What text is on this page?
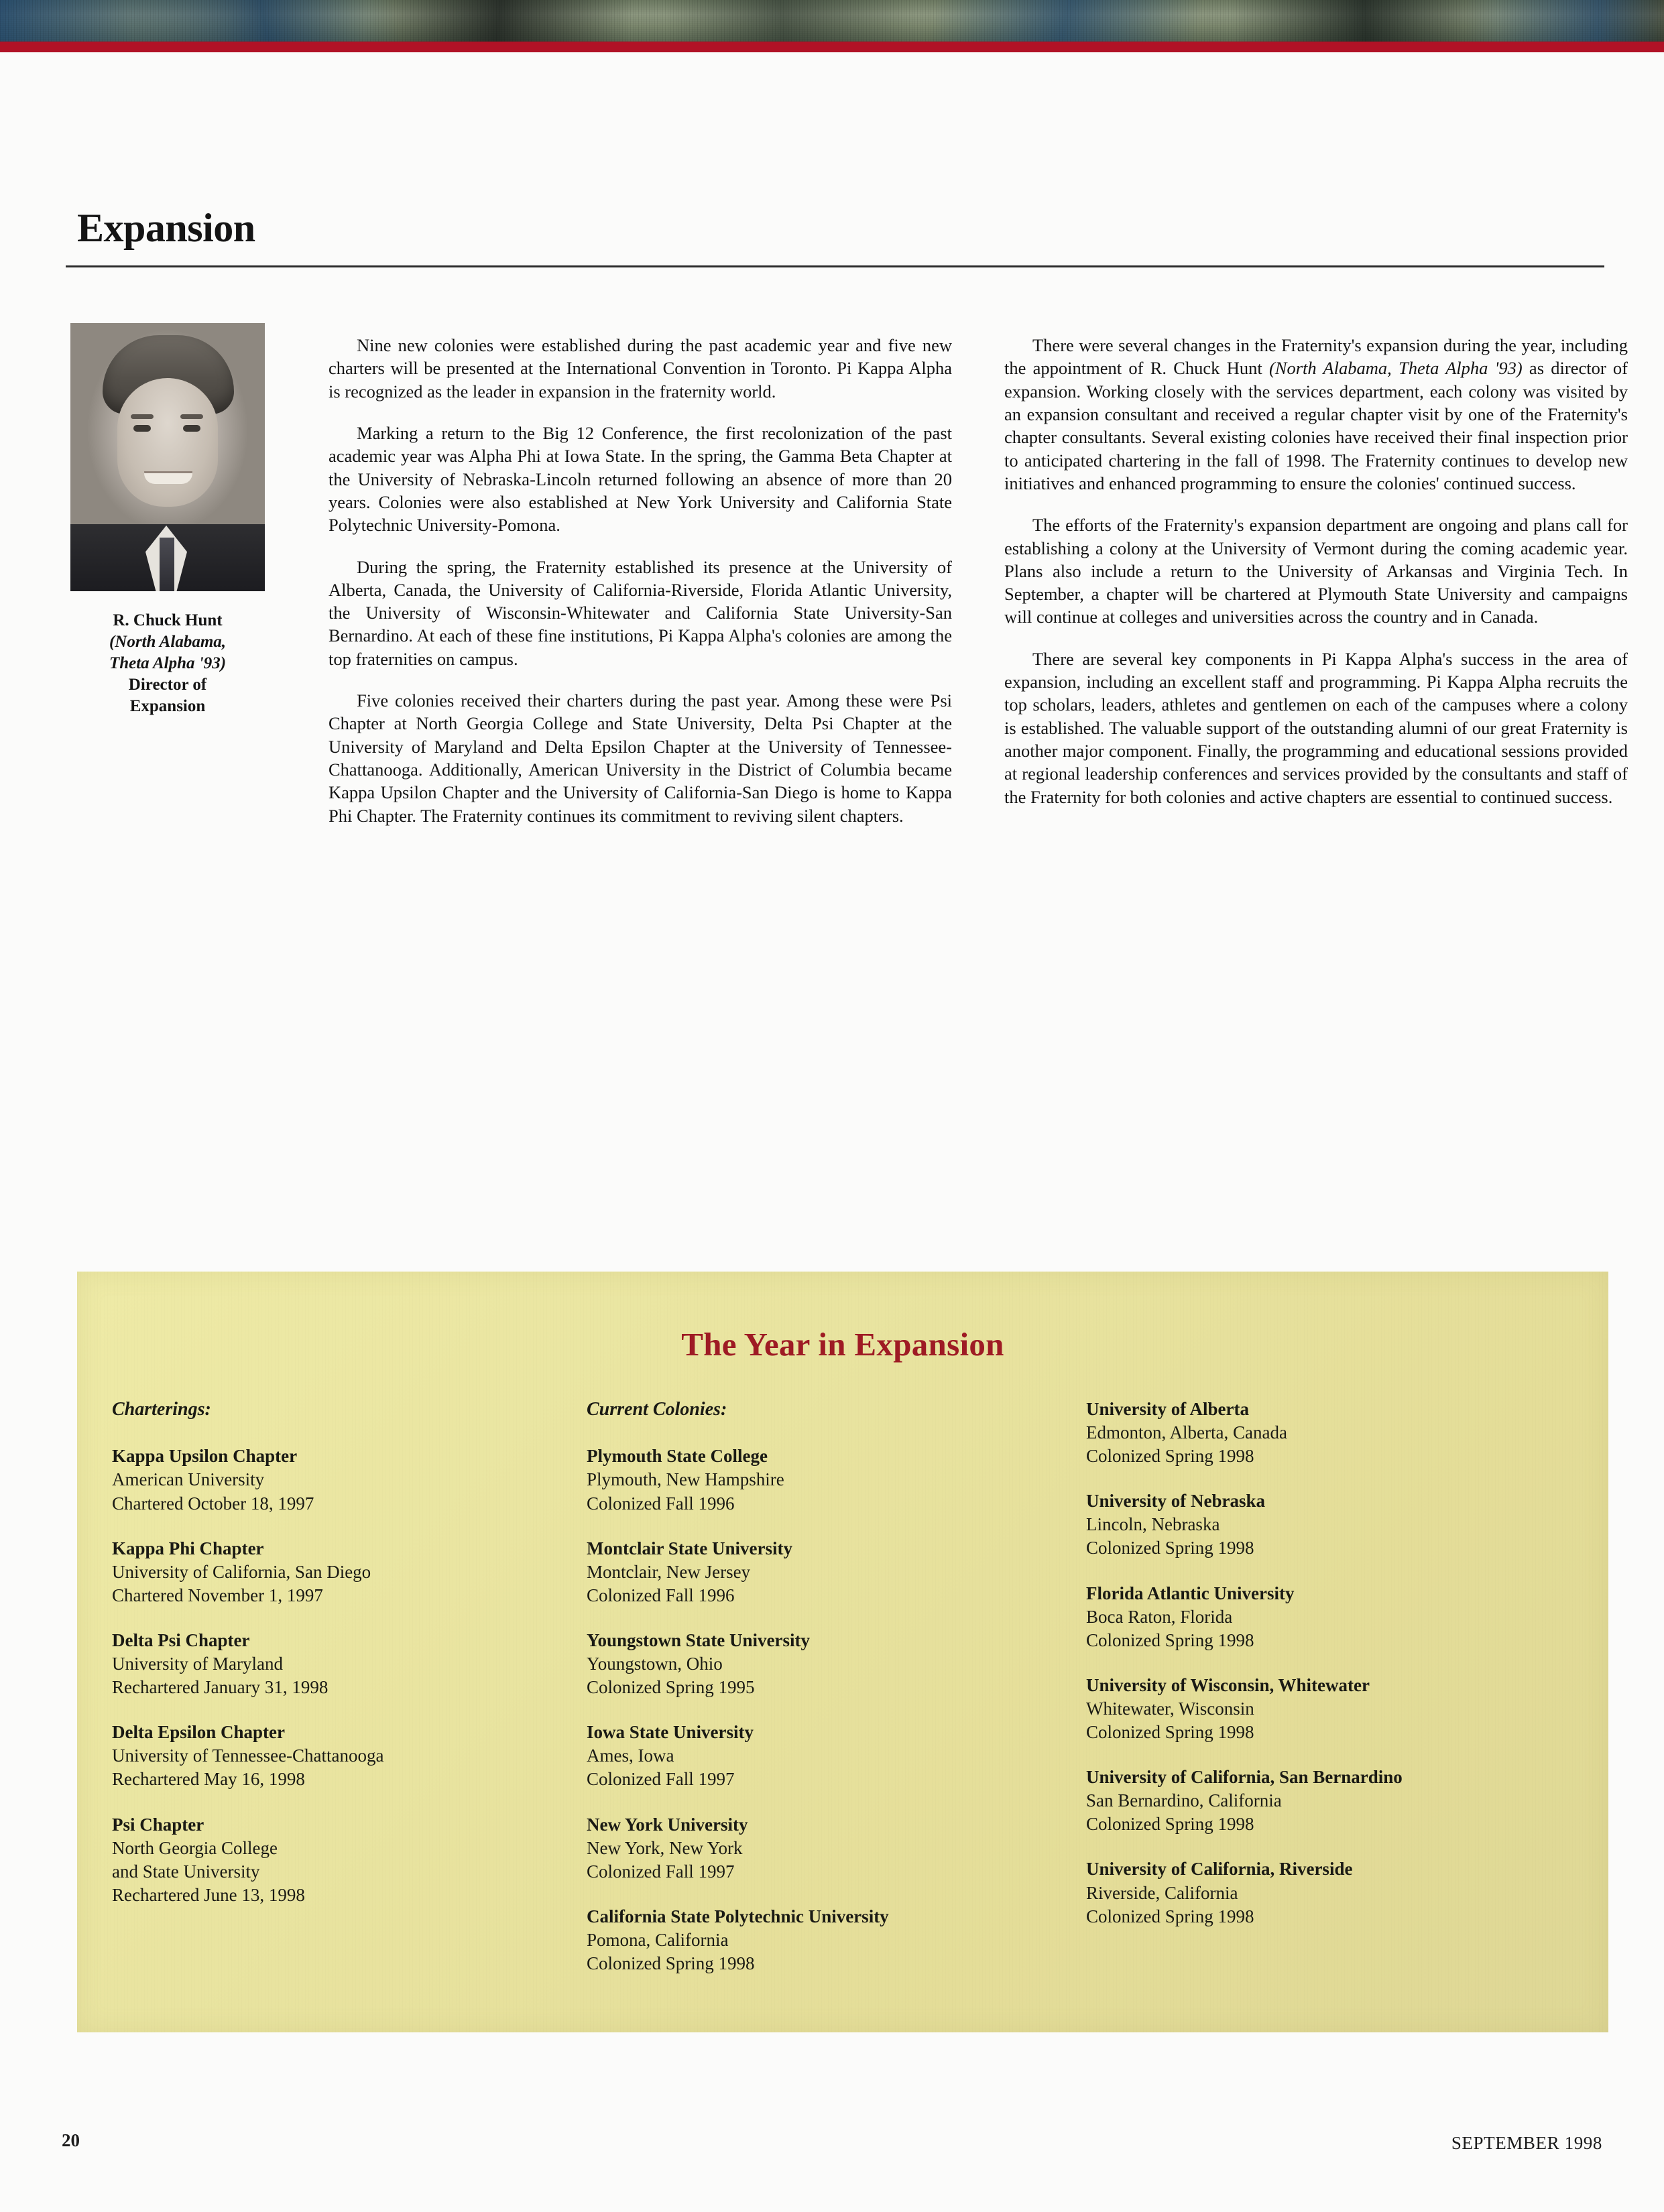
Expansion
R. Chuck Hunt
(North Alabama,
Theta Alpha '93)
Director of
Expansion

Nine new colonies were established during the past academic year and five new charters will be presented at the International Convention in Toronto. Pi Kappa Alpha is recognized as the leader in expansion in the fraternity world.

Marking a return to the Big 12 Conference, the first recolonization of the past academic year was Alpha Phi at Iowa State. In the spring, the Gamma Beta Chapter at the University of Nebraska-Lincoln returned following an absence of more than 20 years. Colonies were also established at New York University and California State Polytechnic University-Pomona.

During the spring, the Fraternity established its presence at the University of Alberta, Canada, the University of California-Riverside, Florida Atlantic University, the University of Wisconsin-Whitewater and California State University-San Bernardino. At each of these fine institutions, Pi Kappa Alpha's colonies are among the top fraternities on campus.

Five colonies received their charters during the past year. Among these were Psi Chapter at North Georgia College and State University, Delta Psi Chapter at the University of Maryland and Delta Epsilon Chapter at the University of Tennessee-Chattanooga. Additionally, American University in the District of Columbia became Kappa Upsilon Chapter and the University of California-San Diego is home to Kappa Phi Chapter. The Fraternity continues its commitment to reviving silent chapters.

There were several changes in the Fraternity's expansion during the year, including the appointment of R. Chuck Hunt (North Alabama, Theta Alpha '93) as director of expansion. Working closely with the services department, each colony was visited by an expansion consultant and received a regular chapter visit by one of the Fraternity's chapter consultants. Several existing colonies have received their final inspection prior to anticipated chartering in the fall of 1998. The Fraternity continues to develop new initiatives and enhanced programming to ensure the colonies' continued success.

The efforts of the Fraternity's expansion department are ongoing and plans call for establishing a colony at the University of Vermont during the coming academic year. Plans also include a return to the University of Arkansas and Virginia Tech. In September, a chapter will be chartered at Plymouth State University and campaigns will continue at colleges and universities across the country and in Canada.

There are several key components in Pi Kappa Alpha's success in the area of expansion, including an excellent staff and programming. Pi Kappa Alpha recruits the top scholars, leaders, athletes and gentlemen on each of the campuses where a colony is established. The valuable support of the outstanding alumni of our great Fraternity is another major component. Finally, the programming and educational sessions provided at regional leadership conferences and services provided by the consultants and staff of the Fraternity for both colonies and active chapters are essential to continued success.

The Year in Expansion
Charterings:
Kappa Upsilon Chapter
American University
Chartered October 18, 1997
Kappa Phi Chapter
University of California, San Diego
Chartered November 1, 1997
Delta Psi Chapter
University of Maryland
Rechartered January 31, 1998
Delta Epsilon Chapter
University of Tennessee-Chattanooga
Rechartered May 16, 1998
Psi Chapter
North Georgia College
and State University
Rechartered June 13, 1998
Current Colonies:
Plymouth State College
Plymouth, New Hampshire
Colonized Fall 1996
Montclair State University
Montclair, New Jersey
Colonized Fall 1996
Youngstown State University
Youngstown, Ohio
Colonized Spring 1995
Iowa State University
Ames, Iowa
Colonized Fall 1997
New York University
New York, New York
Colonized Fall 1997
California State Polytechnic University
Pomona, California
Colonized Spring 1998
University of Alberta
Edmonton, Alberta, Canada
Colonized Spring 1998
University of Nebraska
Lincoln, Nebraska
Colonized Spring 1998
Florida Atlantic University
Boca Raton, Florida
Colonized Spring 1998
University of Wisconsin, Whitewater
Whitewater, Wisconsin
Colonized Spring 1998
University of California, San Bernardino
San Bernardino, California
Colonized Spring 1998
University of California, Riverside
Riverside, California
Colonized Spring 1998
20	SEPTEMBER 1998
